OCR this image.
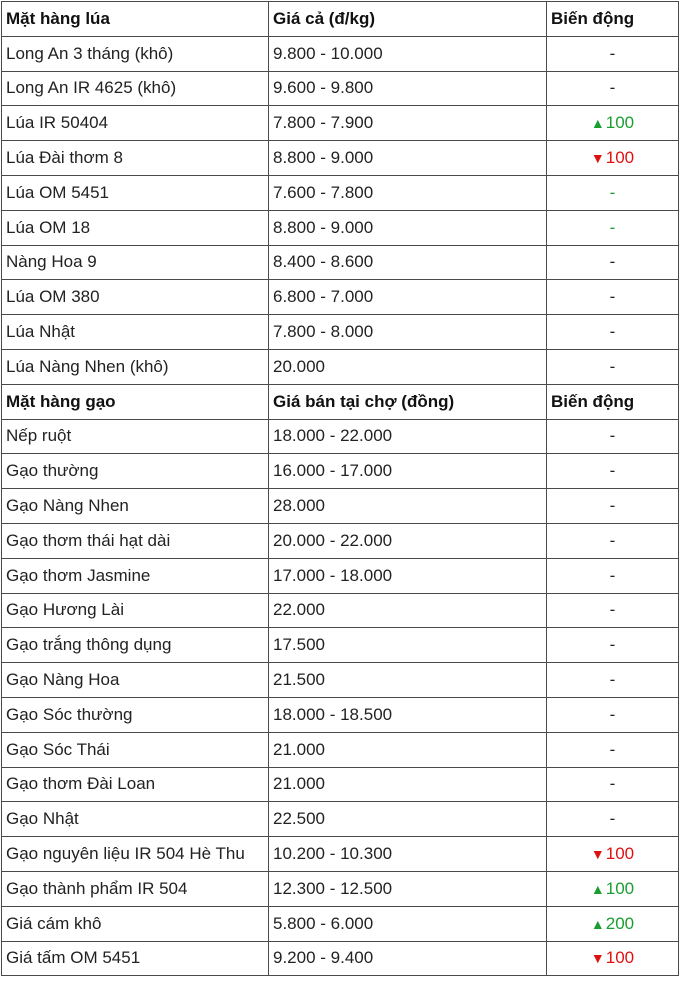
Mặt hàng lúa	Giá cả (đ/kg)	Biến động
Long An 3 tháng (khô)	9.800 - 10.000	-
Long An IR 4625 (khô)	9.600 - 9.800	-
Lúa IR 50404	7.800 - 7.900	▲100
Lúa Đài thơm 8	8.800 - 9.000	▼100
Lúa OM 5451	7.600 - 7.800	-
Lúa OM 18	8.800 - 9.000	-
Nàng Hoa 9	8.400 - 8.600	-
Lúa OM 380	6.800 - 7.000	-
Lúa Nhật	7.800 - 8.000	-
Lúa Nàng Nhen (khô)	20.000	-
Mặt hàng gạo	Giá bán tại chợ (đồng)	Biến động
Nếp ruột	18.000 - 22.000	-
Gạo thường	16.000 - 17.000	-
Gạo Nàng Nhen	28.000	-
Gạo thơm thái hạt dài	20.000 - 22.000	-
Gạo thơm Jasmine	17.000 - 18.000	-
Gạo Hương Lài	22.000	-
Gạo trắng thông dụng	17.500	-
Gạo Nàng Hoa	21.500	-
Gạo Sóc thường	18.000 - 18.500	-
Gạo Sóc Thái	21.000	-
Gạo thơm Đài Loan	21.000	-
Gạo Nhật	22.500	-
Gạo nguyên liệu IR 504 Hè Thu	10.200 - 10.300	▼100
Gạo thành phẩm IR 504	12.300 - 12.500	▲100
Giá cám khô	5.800 - 6.000	▲200
Giá tấm OM 5451	9.200 - 9.400	▼100
